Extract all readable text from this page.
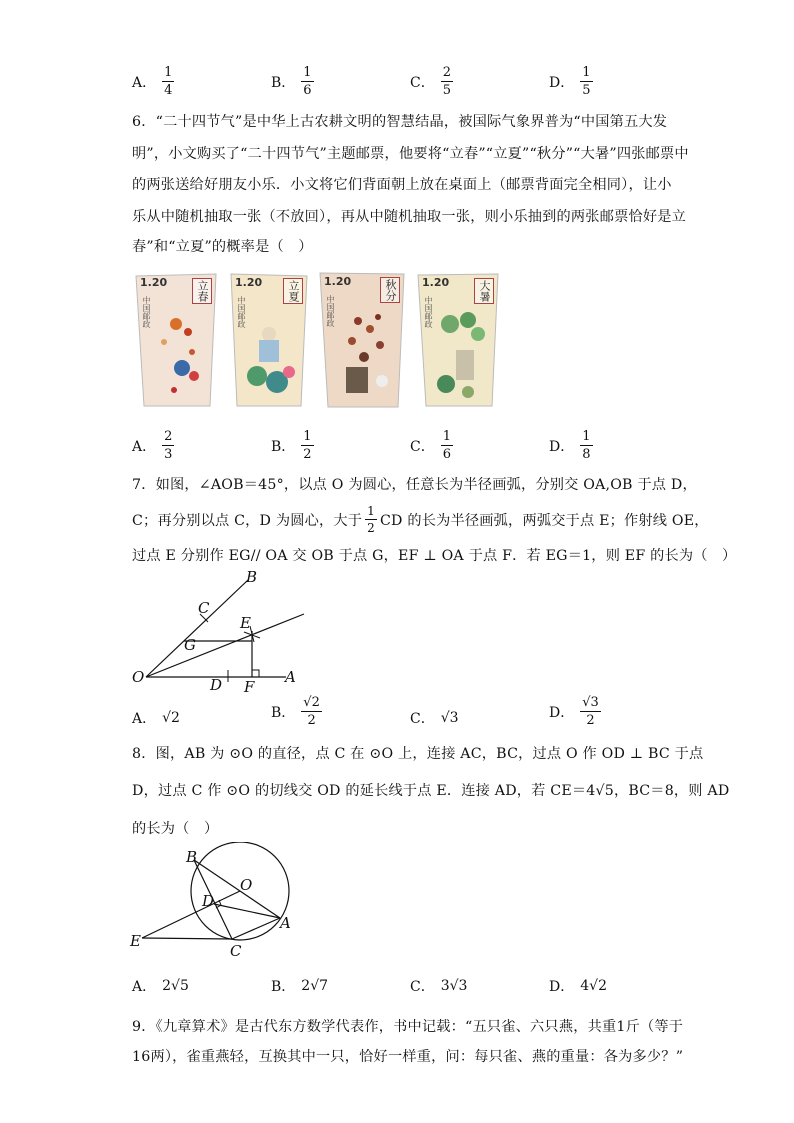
A． $\frac{1}{4}$	B． $\frac{1}{6}$	C． $\frac{2}{5}$	D． $\frac{1}{5}$
6．“二十四节气”是中华上古农耕文明的智慧结晶，被国际气象界普为“中国第五大发
明”，小文购买了“二十四节气”主题邮票，他要将“立春”“立夏”“秋分”“大暑”四张邮票中
的两张送给好朋友小乐．小文将它们背面朝上放在桌面上（邮票背面完全相同），让小
乐从中随机抽取一张（不放回），再从中随机抽取一张，则小乐抽到的两张邮票恰好是立
春”和“立夏”的概率是（　）
1.20	立春
中国邮政
1.20	立夏
中国邮政
1.20	秋分
中国邮政
1.20	大暑
中国邮政
A． $\frac{2}{3}$	B． $\frac{1}{2}$	C． $\frac{1}{6}$	D． $\frac{1}{8}$
7．如图，∠AOB＝45°，以点 O 为圆心，任意长为半径画弧，分别交 OA,OB 于点 D，
C；再分别以点 C，D 为圆心，大于 $\frac{1}{2}$ CD 的长为半径画弧，两弧交于点 E；作射线 OE，
过点 E 分别作 EG// OA 交 OB 于点 G，EF ⊥ OA 于点 F．若 EG＝1，则 EF 的长为（　）
B
C
E
G
O	D F
A
A． √2	B． $\frac{√2}{2}$	C． √3	D． $\frac{√3}{2}$
8．图，AB 为 ⊙O 的直径，点 C 在 ⊙O 上，连接 AC，BC，过点 O 作 OD ⊥ BC 于点
D，过点 C 作 ⊙O 的切线交 OD 的延长线于点 E．连接 AD，若 CE＝4√5，BC＝8，则 AD
的长为（　）
B
O
D
A
E
C
A． 2√5	B． 2√7	C． 3√3	D． 4√2
9．《九章算术》是古代东方数学代表作，书中记载：“五只雀、六只燕，共重1斤（等于
16两），雀重燕轻，互换其中一只，恰好一样重，问：每只雀、燕的重量：各为多少？”
